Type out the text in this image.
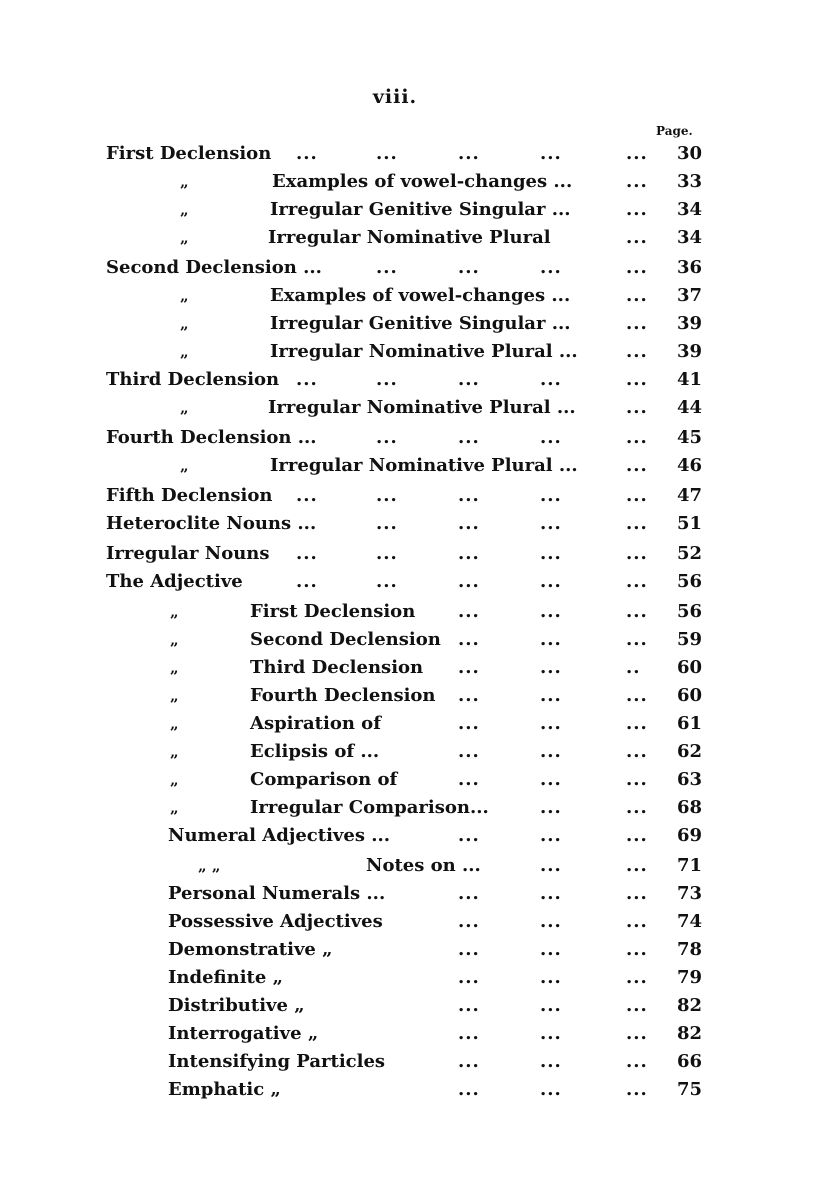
viii.
Page.
First Declension ...	...	...	...	...	30
„	Examples of vowel-changes ...	...	33
„	Irregular Genitive Singular ...	...	34
„	Irregular Nominative Plural	...	34
Second Declension ...	...	...	...	...	36
„	Examples of vowel-changes ...	...	37
„	Irregular Genitive Singular ...	...	39
„	Irregular Nominative Plural ...	...	39
Third Declension ...	...	...	...	...	41
„	Irregular Nominative Plural ...	...	44
Fourth Declension ...	...	...	...	...	45
„	Irregular Nominative Plural ...	...	46
Fifth Declension ...	...	...	...	...	47
Heteroclite Nouns ...	...	...	...	...	51
Irregular Nouns ...	...	...	...	...	52
The Adjective	...	...	...	...	...	56
„	First Declension ...	...	...	56
„	Second Declension ...	...	...	59
„	Third Declension ...	...	..	60
„	Fourth Declension ...	...	...	60
„	Aspiration of	...	...	...	61
„	Eclipsis of ...	...	...	...	62
„	Comparison of	...	...	...	63
„	Irregular Comparison...	...	...	68
Numeral Adjectives ...	...	...	...	69
„ „	Notes on ...	...	...	71
Personal Numerals ...	...	...	...	73
Possessive Adjectives	...	...	...	74
Demonstrative „	...	...	...	78
Indefinite „	...	...	...	79
Distributive „	...	...	...	82
Interrogative „	...	...	...	82
Intensifying Particles	...	...	...	66
Emphatic „	...	...	...	75
